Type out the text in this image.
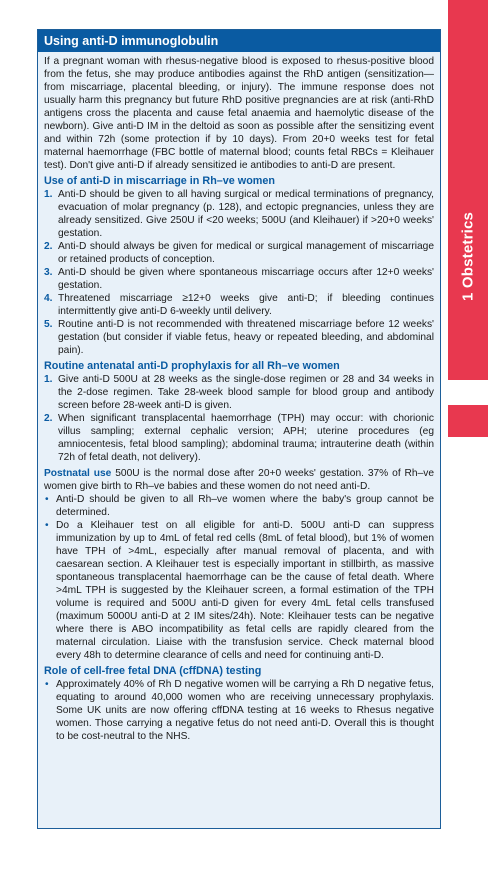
1 Obstetrics
Using anti-D immunoglobulin

If a pregnant woman with rhesus-negative blood is exposed to rhesus-positive blood from the fetus, she may produce antibodies against the RhD antigen (sensitization—from miscarriage, placental bleeding, or injury). The immune response does not usually harm this pregnancy but future RhD positive pregnancies are at risk (anti-RhD antigens cross the placenta and cause fetal anaemia and haemolytic disease of the newborn). Give anti-D IM in the deltoid as soon as possible after the sensitizing event and within 72h (some protection if by 10 days). From 20+0 weeks test for fetal maternal haemorrhage (FBC bottle of maternal blood; counts fetal RBCs = Kleihauer test). Don't give anti-D if already sensitized ie antibodies to anti-D are present.

Use of anti-D in miscarriage in Rh–ve women
Anti-D should be given to all having surgical or medical terminations of pregnancy, evacuation of molar pregnancy (p. 128), and ectopic pregnancies, unless they are already sensitized. Give 250U if <20 weeks; 500U (and Kleihauer) if >20+0 weeks' gestation.
Anti-D should always be given for medical or surgical management of miscarriage or retained products of conception.
Anti-D should be given where spontaneous miscarriage occurs after 12+0 weeks' gestation.
Threatened miscarriage ≥12+0 weeks give anti-D; if bleeding continues intermittently give anti-D 6-weekly until delivery.
Routine anti-D is not recommended with threatened miscarriage before 12 weeks' gestation (but consider if viable fetus, heavy or repeated bleeding, and abdominal pain).
Routine antenatal anti-D prophylaxis for all Rh–ve women
Give anti-D 500U at 28 weeks as the single-dose regimen or 28 and 34 weeks in the 2-dose regimen. Take 28-week blood sample for blood group and antibody screen before 28-week anti-D is given.
When significant transplacental haemorrhage (TPH) may occur: with chorionic villus sampling; external cephalic version; APH; uterine procedures (eg amniocentesis, fetal blood sampling); abdominal trauma; intrauterine death (within 72h of fetal death, not delivery).

Postnatal use 500U is the normal dose after 20+0 weeks' gestation. 37% of Rh–ve women give birth to Rh–ve babies and these women do not need anti-D.

• Anti-D should be given to all Rh–ve women where the baby's group cannot be determined.
• Do a Kleihauer test on all eligible for anti-D. 500U anti-D can suppress immunization by up to 4mL of fetal red cells (8mL of fetal blood), but 1% of women have TPH of >4mL, especially after manual removal of placenta, and with caesarean section. A Kleihauer test is especially important in stillbirth, as massive spontaneous transplacental haemorrhage can be the cause of fetal death. Where >4mL TPH is suggested by the Kleihauer screen, a formal estimation of the TPH volume is required and 500U anti-D given for every 4mL fetal cells transfused (maximum 5000U anti-D at 2 IM sites/24h). Note: Kleihauer tests can be negative where there is ABO incompatibility as fetal cells are rapidly cleared from the maternal circulation. Liaise with the transfusion service. Check maternal blood every 48h to determine clearance of cells and need for continuing anti-D.
Role of cell-free fetal DNA (cffDNA) testing
• Approximately 40% of Rh D negative women will be carrying a Rh D negative fetus, equating to around 40,000 women who are receiving unnecessary prophylaxis. Some UK units are now offering cffDNA testing at 16 weeks to Rhesus negative women. Those carrying a negative fetus do not need anti-D. Overall this is thought to be cost-neutral to the NHS.
